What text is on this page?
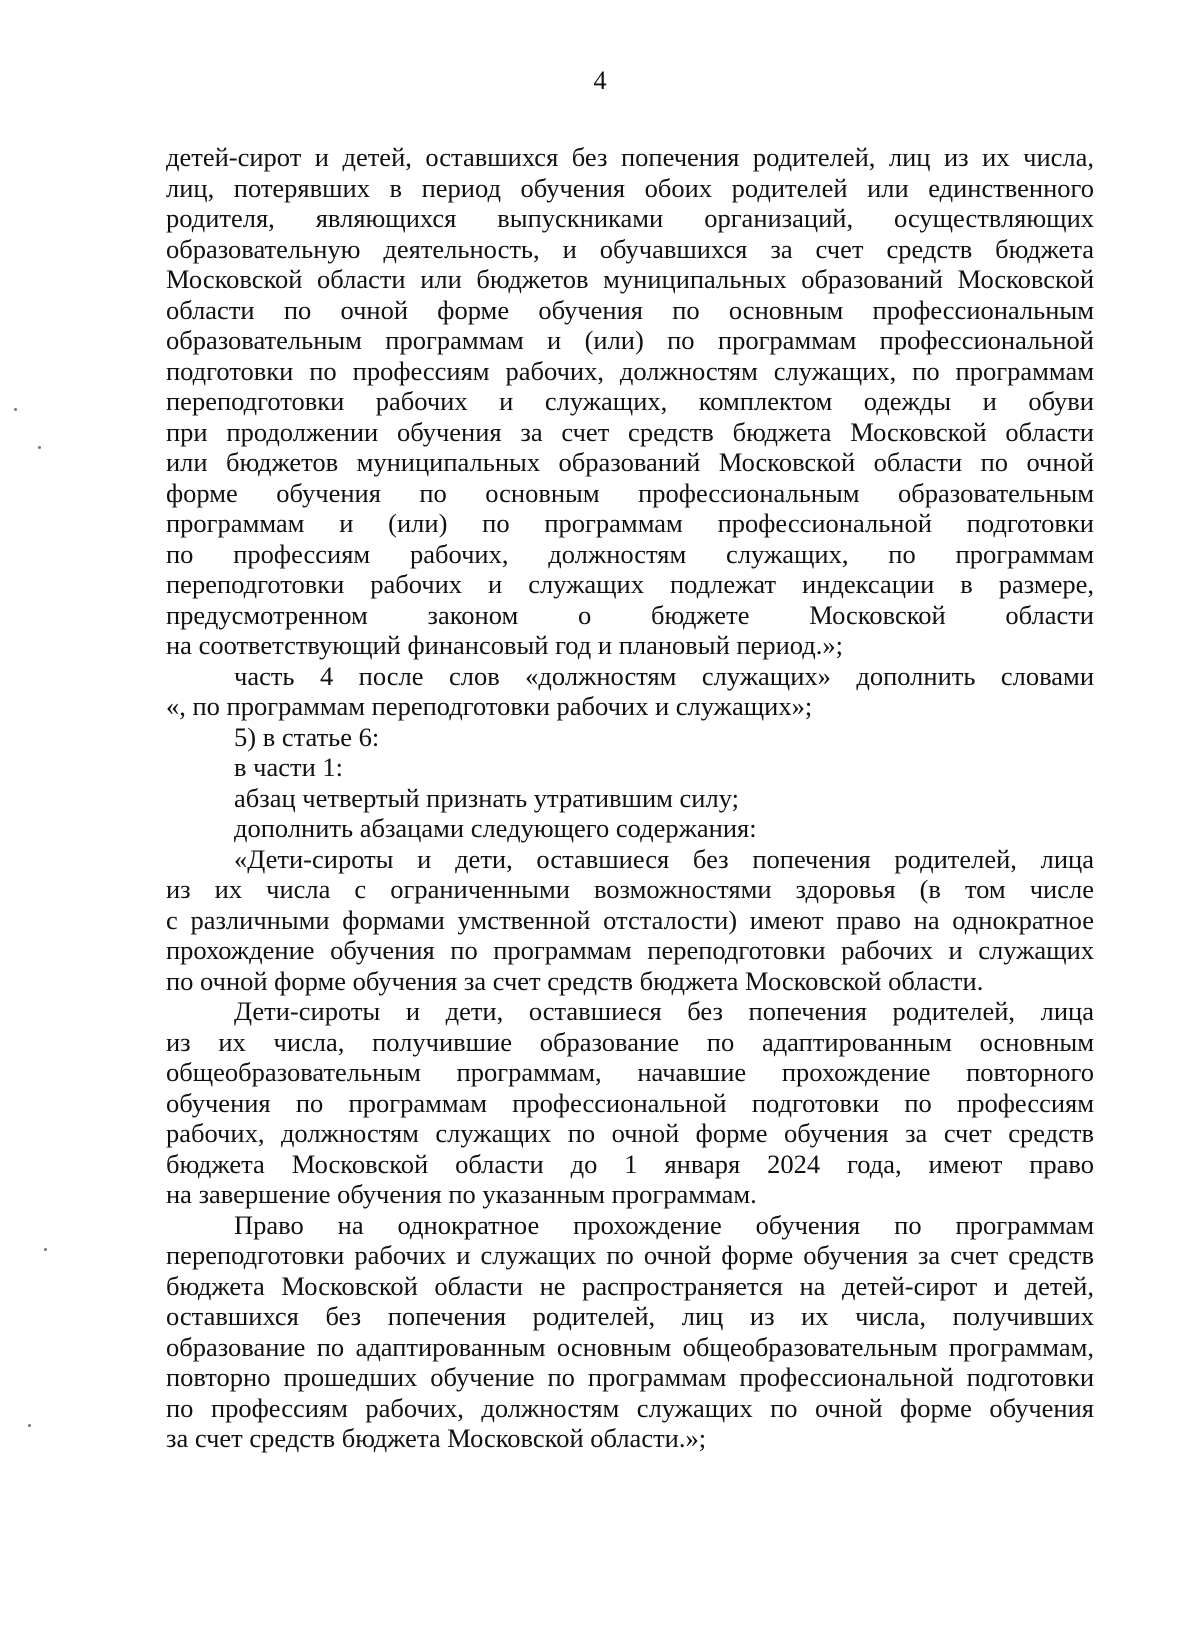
4
детей-сирот и детей, оставшихся без попечения родителей, лиц из их числа,
лиц, потерявших в период обучения обоих родителей или единственного
родителя, являющихся выпускниками организаций, осуществляющих
образовательную деятельность, и обучавшихся за счет средств бюджета
Московской области или бюджетов муниципальных образований Московской
области по очной форме обучения по основным профессиональным
образовательным программам и (или) по программам профессиональной
подготовки по профессиям рабочих, должностям служащих, по программам
переподготовки рабочих и служащих, комплектом одежды и обуви
при продолжении обучения за счет средств бюджета Московской области
или бюджетов муниципальных образований Московской области по очной
форме обучения по основным профессиональным образовательным
программам и (или) по программам профессиональной подготовки
по профессиям рабочих, должностям служащих, по программам
переподготовки рабочих и служащих подлежат индексации в размере,
предусмотренном законом о бюджете Московской области
на соответствующий финансовый год и плановый период.»;
часть 4 после слов «должностям служащих» дополнить словами
«, по программам переподготовки рабочих и служащих»;
5) в статье 6:
в части 1:
абзац четвертый признать утратившим силу;
дополнить абзацами следующего содержания:
«Дети-сироты и дети, оставшиеся без попечения родителей, лица
из их числа с ограниченными возможностями здоровья (в том числе
с различными формами умственной отсталости) имеют право на однократное
прохождение обучения по программам переподготовки рабочих и служащих
по очной форме обучения за счет средств бюджета Московской области.
Дети-сироты и дети, оставшиеся без попечения родителей, лица
из их числа, получившие образование по адаптированным основным
общеобразовательным программам, начавшие прохождение повторного
обучения по программам профессиональной подготовки по профессиям
рабочих, должностям служащих по очной форме обучения за счет средств
бюджета Московской области до 1 января 2024 года, имеют право
на завершение обучения по указанным программам.
Право на однократное прохождение обучения по программам
переподготовки рабочих и служащих по очной форме обучения за счет средств
бюджета Московской области не распространяется на детей-сирот и детей,
оставшихся без попечения родителей, лиц из их числа, получивших
образование по адаптированным основным общеобразовательным программам,
повторно прошедших обучение по программам профессиональной подготовки
по профессиям рабочих, должностям служащих по очной форме обучения
за счет средств бюджета Московской области.»;
